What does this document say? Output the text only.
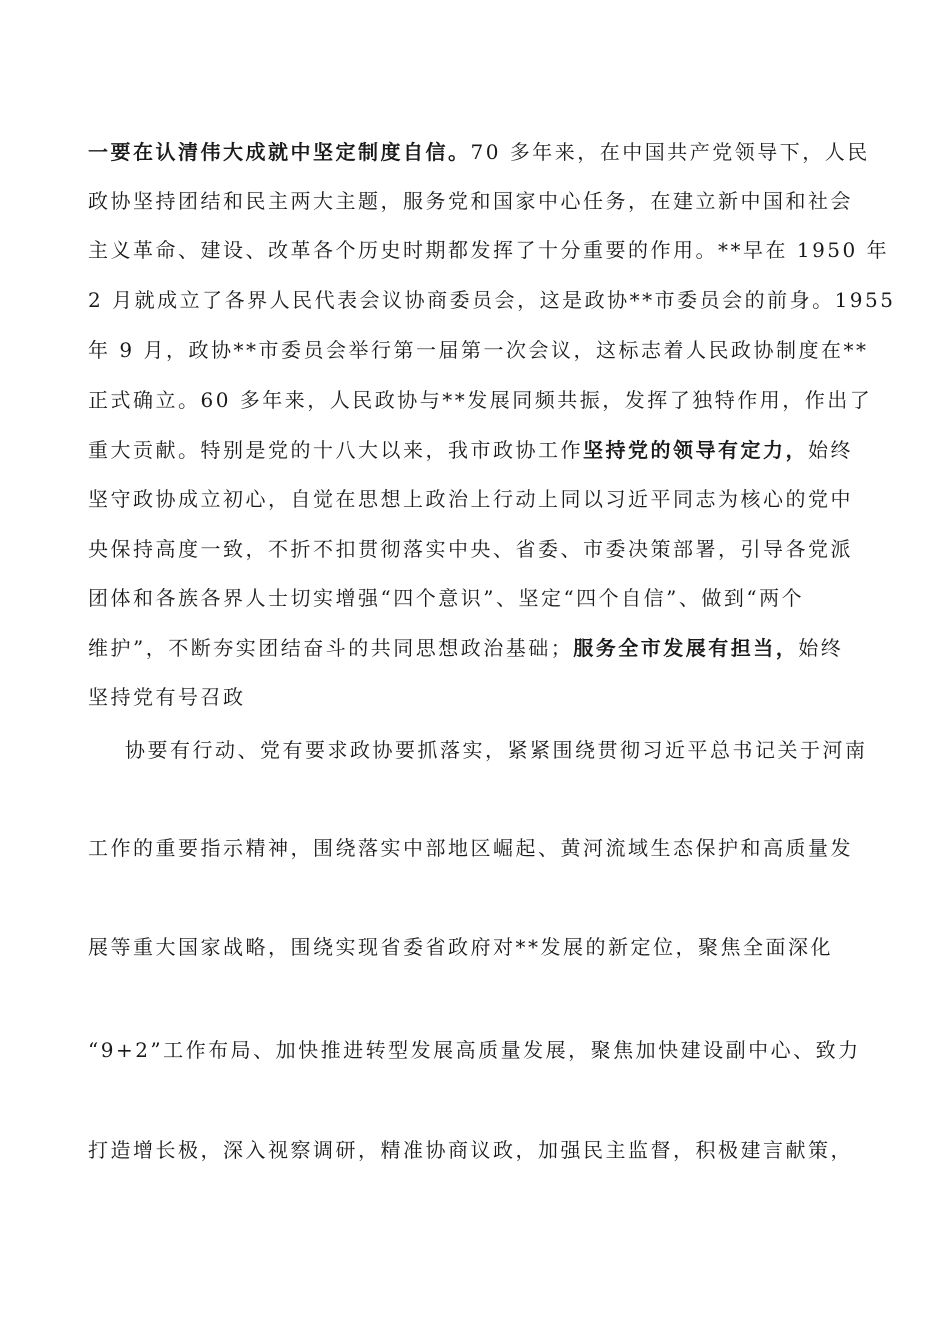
一要在认清伟大成就中坚定制度自信。70 多年来，在中国共产党领导下，人民
政协坚持团结和民主两大主题，服务党和国家中心任务，在建立新中国和社会
主义革命、建设、改革各个历史时期都发挥了十分重要的作用。**早在 1950 年
2 月就成立了各界人民代表会议协商委员会，这是政协**市委员会的前身。1955
年 9 月，政协**市委员会举行第一届第一次会议，这标志着人民政协制度在**
正式确立。60 多年来，人民政协与**发展同频共振，发挥了独特作用，作出了
重大贡献。特别是党的十八大以来，我市政协工作坚持党的领导有定力，始终
坚守政协成立初心，自觉在思想上政治上行动上同以习近平同志为核心的党中
央保持高度一致，不折不扣贯彻落实中央、省委、市委决策部署，引导各党派
团体和各族各界人士切实增强“四个意识”、坚定“四个自信”、做到“两个
维护”，不断夯实团结奋斗的共同思想政治基础；服务全市发展有担当，始终
坚持党有号召政
协要有行动、党有要求政协要抓落实，紧紧围绕贯彻习近平总书记关于河南
工作的重要指示精神，围绕落实中部地区崛起、黄河流域生态保护和高质量发
展等重大国家战略，围绕实现省委省政府对**发展的新定位，聚焦全面深化
“9+2”工作布局、加快推进转型发展高质量发展，聚焦加快建设副中心、致力
打造增长极，深入视察调研，精准协商议政，加强民主监督，积极建言献策，
